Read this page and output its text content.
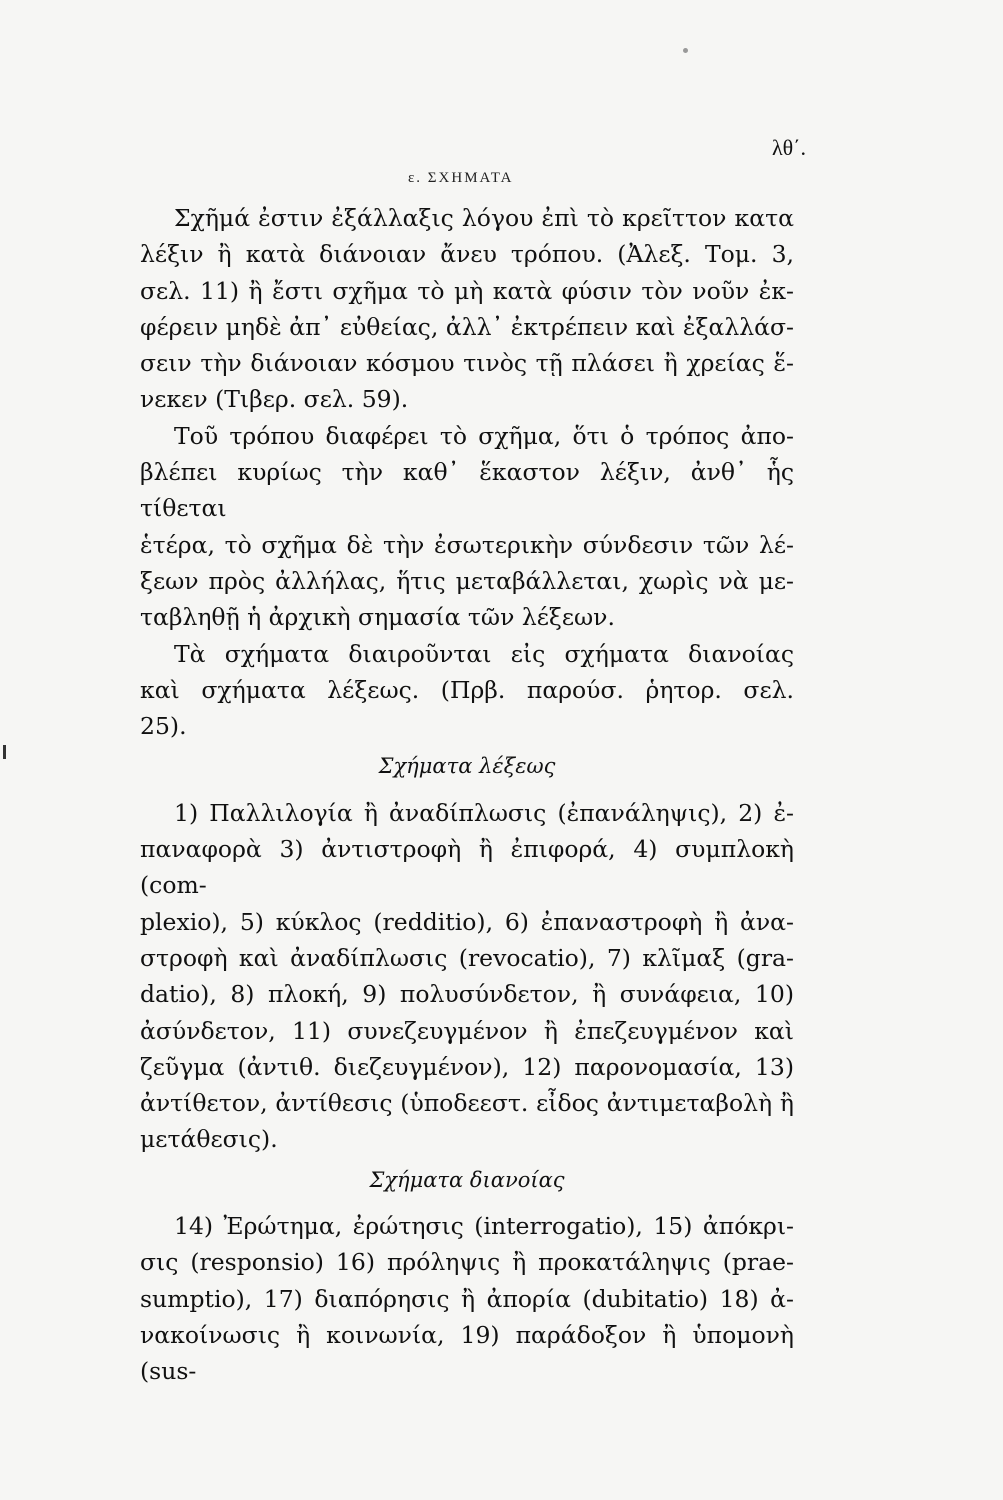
λθ΄.
ε. ΣΧΗΜΑΤΑ
Σχῆμά ἐστιν ἐξάλλαξις λόγου ἐπὶ τὸ κρεῖττον κατα
λέξιν ἢ κατὰ διάνοιαν ἄνευ τρόπου. (Ἀλεξ. Τομ. 3,
σελ. 11) ἢ ἔστι σχῆμα τὸ μὴ κατὰ φύσιν τὸν νοῦν ἐκ-
φέρειν μηδὲ ἀπ᾽ εὐθείας, ἀλλ᾽ ἐκτρέπειν καὶ ἐξαλλάσ-
σειν τὴν διάνοιαν κόσμου τινὸς τῇ πλάσει ἢ χρείας ἕ-
νεκεν (Τιβερ. σελ. 59).
Τοῦ τρόπου διαφέρει τὸ σχῆμα, ὅτι ὁ τρόπος ἀπο-
βλέπει κυρίως τὴν καθ᾽ ἕκαστον λέξιν, ἀνθ᾽ ἧς τίθεται
ἑτέρα, τὸ σχῆμα δὲ τὴν ἐσωτερικὴν σύνδεσιν τῶν λέ-
ξεων πρὸς ἀλλήλας, ἥτις μεταβάλλεται, χωρὶς νὰ με-
ταβληθῇ ἡ ἀρχικὴ σημασία τῶν λέξεων.
Τὰ σχήματα διαιροῦνται εἰς σχήματα διανοίας
καὶ σχήματα λέξεως. (Πρβ. παρούσ. ῥητορ. σελ.
25).
Σχήματα λέξεως
1) Παλλιλογία ἢ ἀναδίπλωσις (ἐπανάληψις), 2) ἐ-
παναφορὰ 3) ἀντιστροφὴ ἢ ἐπιφορά, 4) συμπλοκὴ (com-
plexio), 5) κύκλος (redditio), 6) ἐπαναστροφὴ ἢ ἀνα-
στροφὴ καὶ ἀναδίπλωσις (revocatio), 7) κλῖμαξ (gra-
datio), 8) πλοκή, 9) πολυσύνδετον, ἢ συνάφεια, 10)
ἀσύνδετον, 11) συνεζευγμένον ἢ ἐπεζευγμένον καὶ
ζεῦγμα (ἀντιθ. διεζευγμένον), 12) παρονομασία, 13)
ἀντίθετον, ἀντίθεσις (ὑποδεεστ. εἶδος ἀντιμεταβολὴ ἢ
μετάθεσις).
Σχήματα διανοίας
14) Ἐρώτημα, ἐρώτησις (interrogatio), 15) ἀπόκρι-
σις (responsio) 16) πρόληψις ἢ προκατάληψις (prae-
sumptio), 17) διαπόρησις ἢ ἀπορία (dubitatio) 18) ἀ-
νακοίνωσις ἢ κοινωνία, 19) παράδοξον ἢ ὑπομονὴ (sus-
